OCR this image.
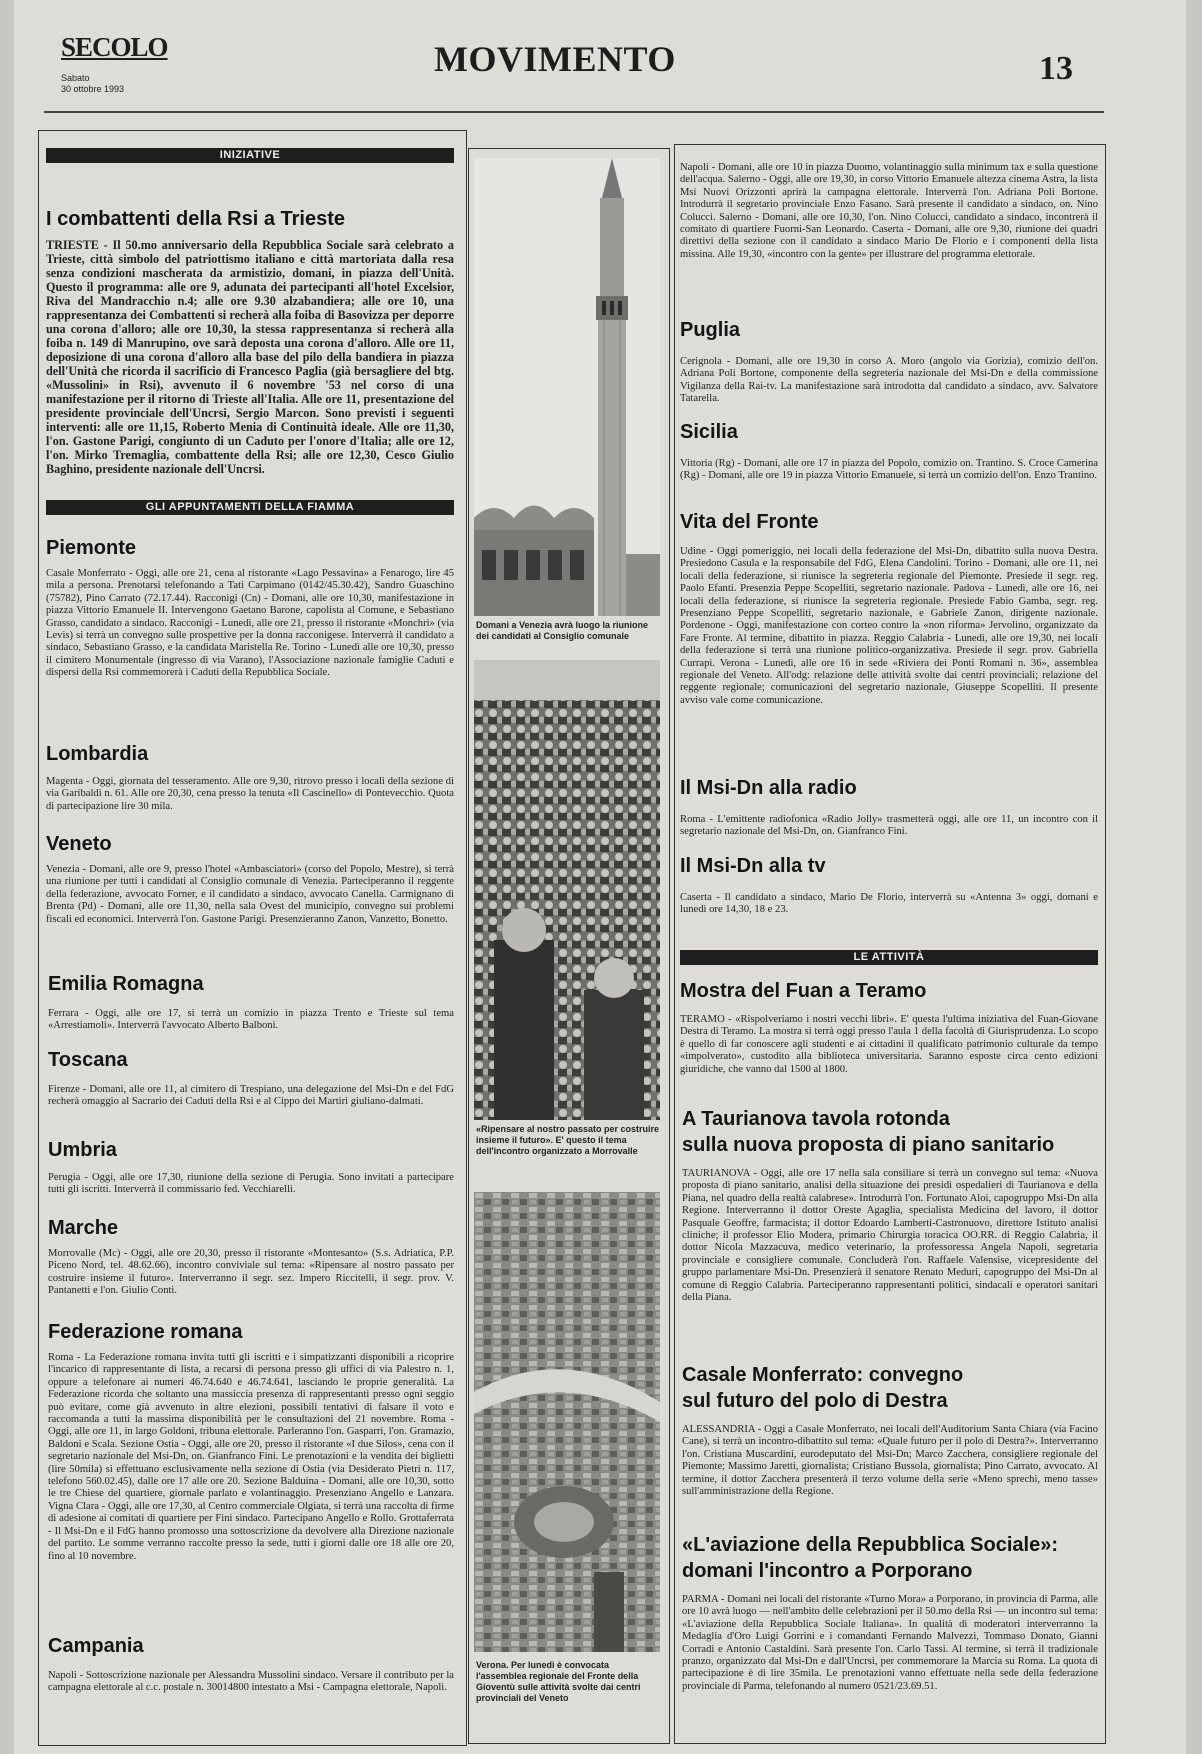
SECOLO
Sabato
30 ottobre 1993
MOVIMENTO	13
INIZIATIVE
I combattenti della Rsi a Trieste
TRIESTE - Il 50.mo anniversario della Repubblica Sociale sarà celebrato a Trieste, città simbolo del patriottismo italiano e città martoriata dalla resa senza condizioni mascherata da armistizio, domani, in piazza dell'Unità. Questo il programma: alle ore 9, adunata dei partecipanti all'hotel Excelsior, Riva del Mandracchio n.4; alle ore 9.30 alzabandiera; alle ore 10, una rappresentanza dei Combattenti si recherà alla foiba di Basovizza per deporre una corona d'alloro; alle ore 10,30, la stessa rappresentanza si recherà alla foiba n. 149 di Manrupino, ove sarà deposta una corona d'alloro. Alle ore 11, deposizione di una corona d'alloro alla base del pilo della bandiera in piazza dell'Unità che ricorda il sacrificio di Francesco Paglia (già bersagliere del btg. «Mussolini» in Rsi), avvenuto il 6 novembre '53 nel corso di una manifestazione per il ritorno di Trieste all'Italia. Alle ore 11, presentazione del presidente provinciale dell'Uncrsi, Sergio Marcon. Sono previsti i seguenti interventi: alle ore 11,15, Roberto Menia di Continuità ideale. Alle ore 11,30, l'on. Gastone Parigi, congiunto di un Caduto per l'onore d'Italia; alle ore 12, l'on. Mirko Tremaglia, combattente della Rsi; alle ore 12,30, Cesco Giulio Baghino, presidente nazionale dell'Uncrsi.
GLI APPUNTAMENTI DELLA FIAMMA
Piemonte
Casale Monferrato - Oggi, alle ore 21, cena al ristorante «Lago Pessavina» a Fenarogo, lire 45 mila a persona. Prenotarsi telefonando a Tati Carpimano (0142/45.30.42), Sandro Guaschino (75782), Pino Carrato (72.17.44). Racconigi (Cn) - Domani, alle ore 10,30, manifestazione in piazza Vittorio Emanuele II. Intervengono Gaetano Barone, capolista al Comune, e Sebastiano Grasso, candidato a sindaco. Racconigi - Lunedì, alle ore 21, presso il ristorante «Monchri» (via Levis) si terrà un convegno sulle prospettive per la donna racconigese. Interverrà il candidato a sindaco, Sebastiano Grasso, e la candidata Maristella Re. Torino - Lunedì alle ore 10,30, presso il cimitero Monumentale (ingresso di via Varano), l'Associazione nazionale famiglie Caduti e dispersi della Rsi commemorerà i Caduti della Repubblica Sociale.
Lombardia
Magenta - Oggi, giornata del tesseramento. Alle ore 9,30, ritrovo presso i locali della sezione di via Garibaldi n. 61. Alle ore 20,30, cena presso la tenuta «Il Cascinello» di Pontevecchio. Quota di partecipazione lire 30 mila.
Veneto
Venezia - Domani, alle ore 9, presso l'hotel «Ambasciatori» (corso del Popolo, Mestre), si terrà una riunione per tutti i candidati al Consiglio comunale di Venezia. Parteciperanno il reggente della federazione, avvocato Forner, e il candidato a sindaco, avvocato Canella. Carmignano di Brenta (Pd) - Domani, alle ore 11,30, nella sala Ovest del municipio, convegno sui problemi fiscali ed economici. Interverrà l'on. Gastone Parigi. Presenzieranno Zanon, Vanzetto, Bonetto.
Emilia Romagna
Ferrara - Oggi, alle ore 17, si terrà un comizio in piazza Trento e Trieste sul tema «Arrestiamoli». Interverrà l'avvocato Alberto Balboni.
Toscana
Firenze - Domani, alle ore 11, al cimitero di Trespiano, una delegazione del Msi-Dn e del FdG recherà omaggio al Sacrario dei Caduti della Rsi e al Cippo dei Martiri giuliano-dalmati.
Umbria
Perugia - Oggi, alle ore 17,30, riunione della sezione di Perugia. Sono invitati a partecipare tutti gli iscritti. Interverrà il commissario fed. Vecchiarelli.
Marche
Morrovalle (Mc) - Oggi, alle ore 20,30, presso il ristorante «Montesanto» (S.s. Adriatica, P.P. Piceno Nord, tel. 48.62.66), incontro conviviale sul tema: «Ripensare al nostro passato per costruire insieme il futuro». Interverranno il segr. sez. Impero Riccitelli, il segr. prov. V. Pantanetti e l'on. Giulio Conti.
Federazione romana
Roma - La Federazione romana invita tutti gli iscritti e i simpatizzanti disponibili a ricoprire l'incarico di rappresentante di lista, a recarsi di persona presso gli uffici di via Palestro n. 1, oppure a telefonare ai numeri 46.74.640 e 46.74.641, lasciando le proprie generalità. La Federazione ricorda che soltanto una massiccia presenza di rappresentanti presso ogni seggio può evitare, come già avvenuto in altre elezioni, possibili tentativi di falsare il voto e raccomanda a tutti la massima disponibilità per le consultazioni del 21 novembre. Roma - Oggi, alle ore 11, in largo Goldoni, tribuna elettorale. Parleranno l'on. Gasparri, l'on. Gramazio, Baldoni e Scala. Sezione Ostia - Oggi, alle ore 20, presso il ristorante «I due Silos», cena con il segretario nazionale del Msi-Dn, on. Gianfranco Fini. Le prenotazioni e la vendita dei biglietti (lire 50mila) si effettuano esclusivamente nella sezione di Ostia (via Desiderato Pietri n. 117, telefono 560.02.45), dalle ore 17 alle ore 20. Sezione Balduina - Domani, alle ore 10,30, sotto le tre Chiese del quartiere, giornale parlato e volantinaggio. Presenziano Angello e Lanzara. Vigna Clara - Oggi, alle ore 17,30, al Centro commerciale Olgiata, si terrà una raccolta di firme di adesione ai comitati di quartiere per Fini sindaco. Partecipano Angello e Rollo. Grottaferrata - Il Msi-Dn e il FdG hanno promosso una sottoscrizione da devolvere alla Direzione nazionale del partito. Le somme verranno raccolte presso la sede, tutti i giorni dalle ore 18 alle ore 20, fino al 10 novembre.
Campania
Napoli - Sottoscrizione nazionale per Alessandra Mussolini sindaco. Versare il contributo per la campagna elettorale al c.c. postale n. 30014800 intestato a Msi - Campagna elettorale, Napoli.
Domani a Venezia avrà luogo la riunione dei candidati al Consiglio comunale
«Ripensare al nostro passato per costruire insieme il futuro». E' questo il tema dell'incontro organizzato a Morrovalle
Verona. Per lunedì è convocata l'assemblea regionale del Fronte della Gioventù sulle attività svolte dai centri provinciali del Veneto
Napoli - Domani, alle ore 10 in piazza Duomo, volantinaggio sulla minimum tax e sulla questione dell'acqua. Salerno - Oggi, alle ore 19,30, in corso Vittorio Emanuele altezza cinema Astra, la lista Msi Nuovi Orizzonti aprirà la campagna elettorale. Interverrà l'on. Adriana Poli Bortone. Introdurrà il segretario provinciale Enzo Fasano. Sarà presente il candidato a sindaco, on. Nino Colucci. Salerno - Domani, alle ore 10,30, l'on. Nino Colucci, candidato a sindaco, incontrerà il comitato di quartiere Fuorni-San Leonardo. Caserta - Domani, alle ore 9,30, riunione dei quadri direttivi della sezione con il candidato a sindaco Mario De Florio e i componenti della lista missina. Alle 19,30, «incontro con la gente» per illustrare del programma elettorale.
Puglia
Cerignola - Domani, alle ore 19,30 in corso A. Moro (angolo via Gorizia), comizio dell'on. Adriana Poli Bortone, componente della segreteria nazionale del Msi-Dn e della commissione Vigilanza della Rai-tv. La manifestazione sarà introdotta dal candidato a sindaco, avv. Salvatore Tatarella.
Sicilia
Vittoria (Rg) - Domani, alle ore 17 in piazza del Popolo, comizio on. Trantino. S. Croce Camerina (Rg) - Domani, alle ore 19 in piazza Vittorio Emanuele, si terrà un comizio dell'on. Enzo Trantino.
Vita del Fronte
Udine - Oggi pomeriggio, nei locali della federazione del Msi-Dn, dibattito sulla nuova Destra. Presiedono Casula e la responsabile del FdG, Elena Candolini. Torino - Domani, alle ore 11, nei locali della federazione, si riunisce la segreteria regionale del Piemonte. Presiede il segr. reg. Paolo Efanti. Presenzia Peppe Scopelliti, segretario nazionale. Padova - Lunedì, alle ore 16, nei locali della federazione, si riunisce la segreteria regionale. Presiede Fabio Gamba, segr. reg. Presenziano Peppe Scopelliti, segretario nazionale, e Gabriele Zanon, dirigente nazionale. Pordenone - Oggi, manifestazione con corteo contro la «non riforma» Jervolino, organizzato da Fare Fronte. Al termine, dibattito in piazza. Reggio Calabria - Lunedì, alle ore 19,30, nei locali della federazione si terrà una riunione politico-organizzativa. Presiede il segr. prov. Gabriella Currapi. Verona - Lunedì, alle ore 16 in sede «Riviera dei Ponti Romani n. 36», assemblea regionale del Veneto. All'odg: relazione delle attività svolte dai centri provinciali; relazione del reggente regionale; comunicazioni del segretario nazionale, Giuseppe Scopelliti. Il presente avviso vale come comunicazione.
Il Msi-Dn alla radio
Roma - L'emittente radiofonica «Radio Jolly» trasmetterà oggi, alle ore 11, un incontro con il segretario nazionale del Msi-Dn, on. Gianfranco Fini.
Il Msi-Dn alla tv
Caserta - Il candidato a sindaco, Mario De Florio, interverrà su «Antenna 3» oggi, domani e lunedì ore 14,30, 18 e 23.
LE ATTIVITÀ
Mostra del Fuan a Teramo
TERAMO - «Rispolveriamo i nostri vecchi libri». E' questa l'ultima iniziativa del Fuan-Giovane Destra di Teramo. La mostra si terrà oggi presso l'aula 1 della facoltà di Giurisprudenza. Lo scopo è quello di far conoscere agli studenti e ai cittadini il qualificato patrimonio culturale da tempo «impolverato», custodito alla biblioteca universitaria. Saranno esposte circa cento edizioni giuridiche, che vanno dal 1500 al 1800.
A Taurianova tavola rotonda
sulla nuova proposta di piano sanitario
TAURIANOVA - Oggi, alle ore 17 nella sala consiliare si terrà un convegno sul tema: «Nuova proposta di piano sanitario, analisi della situazione dei presidi ospedalieri di Taurianova e della Piana, nel quadro della realtà calabrese». Introdurrà l'on. Fortunato Aloi, capogruppo Msi-Dn alla Regione. Interverranno il dottor Oreste Agaglia, specialista Medicina del lavoro, il dottor Pasquale Geoffre, farmacista; il dottor Edoardo Lamberti-Castronuovo, direttore Istituto analisi cliniche; il professor Elio Modera, primario Chirurgia toracica OO.RR. di Reggio Calabria, il dottor Nicola Mazzacuva, medico veterinario, la professoressa Angela Napoli, segretaria provinciale e consigliere comunale. Concluderà l'on. Raffaele Valensise, vicepresidente del gruppo parlamentare Msi-Dn. Presenzierà il senatore Renato Meduri, capogruppo del Msi-Dn al comune di Reggio Calabria. Parteciperanno rappresentanti politici, sindacali e operatori sanitari della Piana.
Casale Monferrato: convegno
sul futuro del polo di Destra
ALESSANDRIA - Oggi a Casale Monferrato, nei locali dell'Auditorium Santa Chiara (via Facino Cane), si terrà un incontro-dibattito sul tema: «Quale futuro per il polo di Destra?». Interverranno l'on. Cristiana Muscardini, eurodeputato del Msi-Dn; Marco Zacchera, consigliere regionale del Piemonte; Massimo Jaretti, giornalista; Cristiano Bussola, giornalista; Pino Carrato, avvocato. Al termine, il dottor Zacchera presenterà il terzo volume della serie «Meno sprechi, meno tasse» sull'amministrazione della Regione.
«L'aviazione della Repubblica Sociale»:
domani l'incontro a Porporano
PARMA - Domani nei locali del ristorante «Turno Mora» a Porporano, in provincia di Parma, alle ore 10 avrà luogo — nell'ambito delle celebrazioni per il 50.mo della Rsi — un incontro sul tema: «L'aviazione della Repubblica Sociale Italiana». In qualità di moderatori interverranno la Medaglia d'Oro Luigi Gorrini e i comandanti Fernando Malvezzi, Tommaso Donato, Gianni Corradi e Antonio Castaldini. Sarà presente l'on. Carlo Tassi. Al termine, si terrà il tradizionale pranzo, organizzato dal Msi-Dn e dall'Uncrsi, per commemorare la Marcia su Roma. La quota di partecipazione è di lire 35mila. Le prenotazioni vanno effettuate nella sede della federazione provinciale di Parma, telefonando al numero 0521/23.69.51.
